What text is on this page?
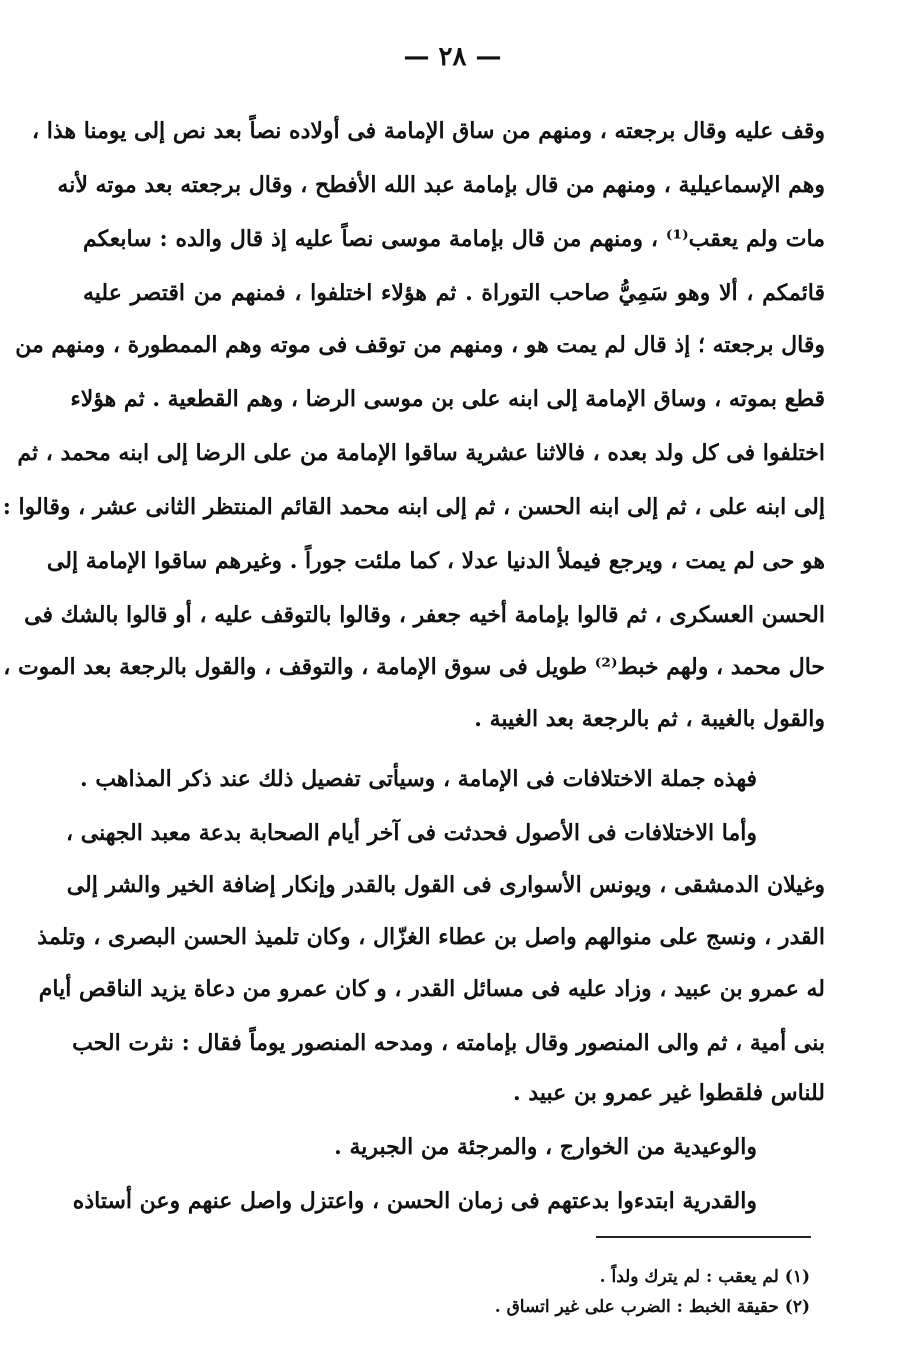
— ٢٨ —
وقف عليه وقال برجعته ، ومنهم من ساق الإمامة فى أولاده نصاً بعد نص إلى يومنا هذا ،
وهم الإسماعيلية ، ومنهم من قال بإمامة عبد الله الأفطح ، وقال برجعته بعد موته لأنه
مات ولم يعقب⁽¹⁾ ، ومنهم من قال بإمامة موسى نصاً عليه إذ قال والده : سابعكم
قائمكم ، ألا وهو سَمِيُّ صاحب التوراة . ثم هؤلاء اختلفوا ، فمنهم من اقتصر عليه
وقال برجعته ؛ إذ قال لم يمت هو ، ومنهم من توقف فى موته وهم الممطورة ، ومنهم من
قطع بموته ، وساق الإمامة إلى ابنه على بن موسى الرضا ، وهم القطعية . ثم هؤلاء
اختلفوا فى كل ولد بعده ، فالاثنا عشرية ساقوا الإمامة من على الرضا إلى ابنه محمد ، ثم
إلى ابنه على ، ثم إلى ابنه الحسن ، ثم إلى ابنه محمد القائم المنتظر الثانى عشر ، وقالوا :
هو حى لم يمت ، ويرجع فيملأ الدنيا عدلا ، كما ملئت جوراً . وغيرهم ساقوا الإمامة إلى
الحسن العسكرى ، ثم قالوا بإمامة أخيه جعفر ، وقالوا بالتوقف عليه ، أو قالوا بالشك فى
حال محمد ، ولهم خبط⁽²⁾ طويل فى سوق الإمامة ، والتوقف ، والقول بالرجعة بعد الموت ،
والقول بالغيبة ، ثم بالرجعة بعد الغيبة .
فهذه جملة الاختلافات فى الإمامة ، وسيأتى تفصيل ذلك عند ذكر المذاهب .
وأما الاختلافات فى الأصول فحدثت فى آخر أيام الصحابة بدعة معبد الجهنى ،
وغيلان الدمشقى ، ويونس الأسوارى فى القول بالقدر وإنكار إضافة الخير والشر إلى
القدر ، ونسج على منوالهم واصل بن عطاء الغزّال ، وكان تلميذ الحسن البصرى ، وتلمذ
له عمرو بن عبيد ، وزاد عليه فى مسائل القدر ، و كان عمرو من دعاة يزيد الناقص أيام
بنى أمية ، ثم والى المنصور وقال بإمامته ، ومدحه المنصور يوماً فقال : نثرت الحب
للناس فلقطوا غير عمرو بن عبيد .
والوعيدية من الخوارج ، والمرجئة من الجبرية .
والقدرية ابتدءوا بدعتهم فى زمان الحسن ، واعتزل واصل عنهم وعن أستاذه
(١) لم يعقب : لم يترك ولداً .
(٢) حقيقة الخبط : الضرب على غير اتساق .
